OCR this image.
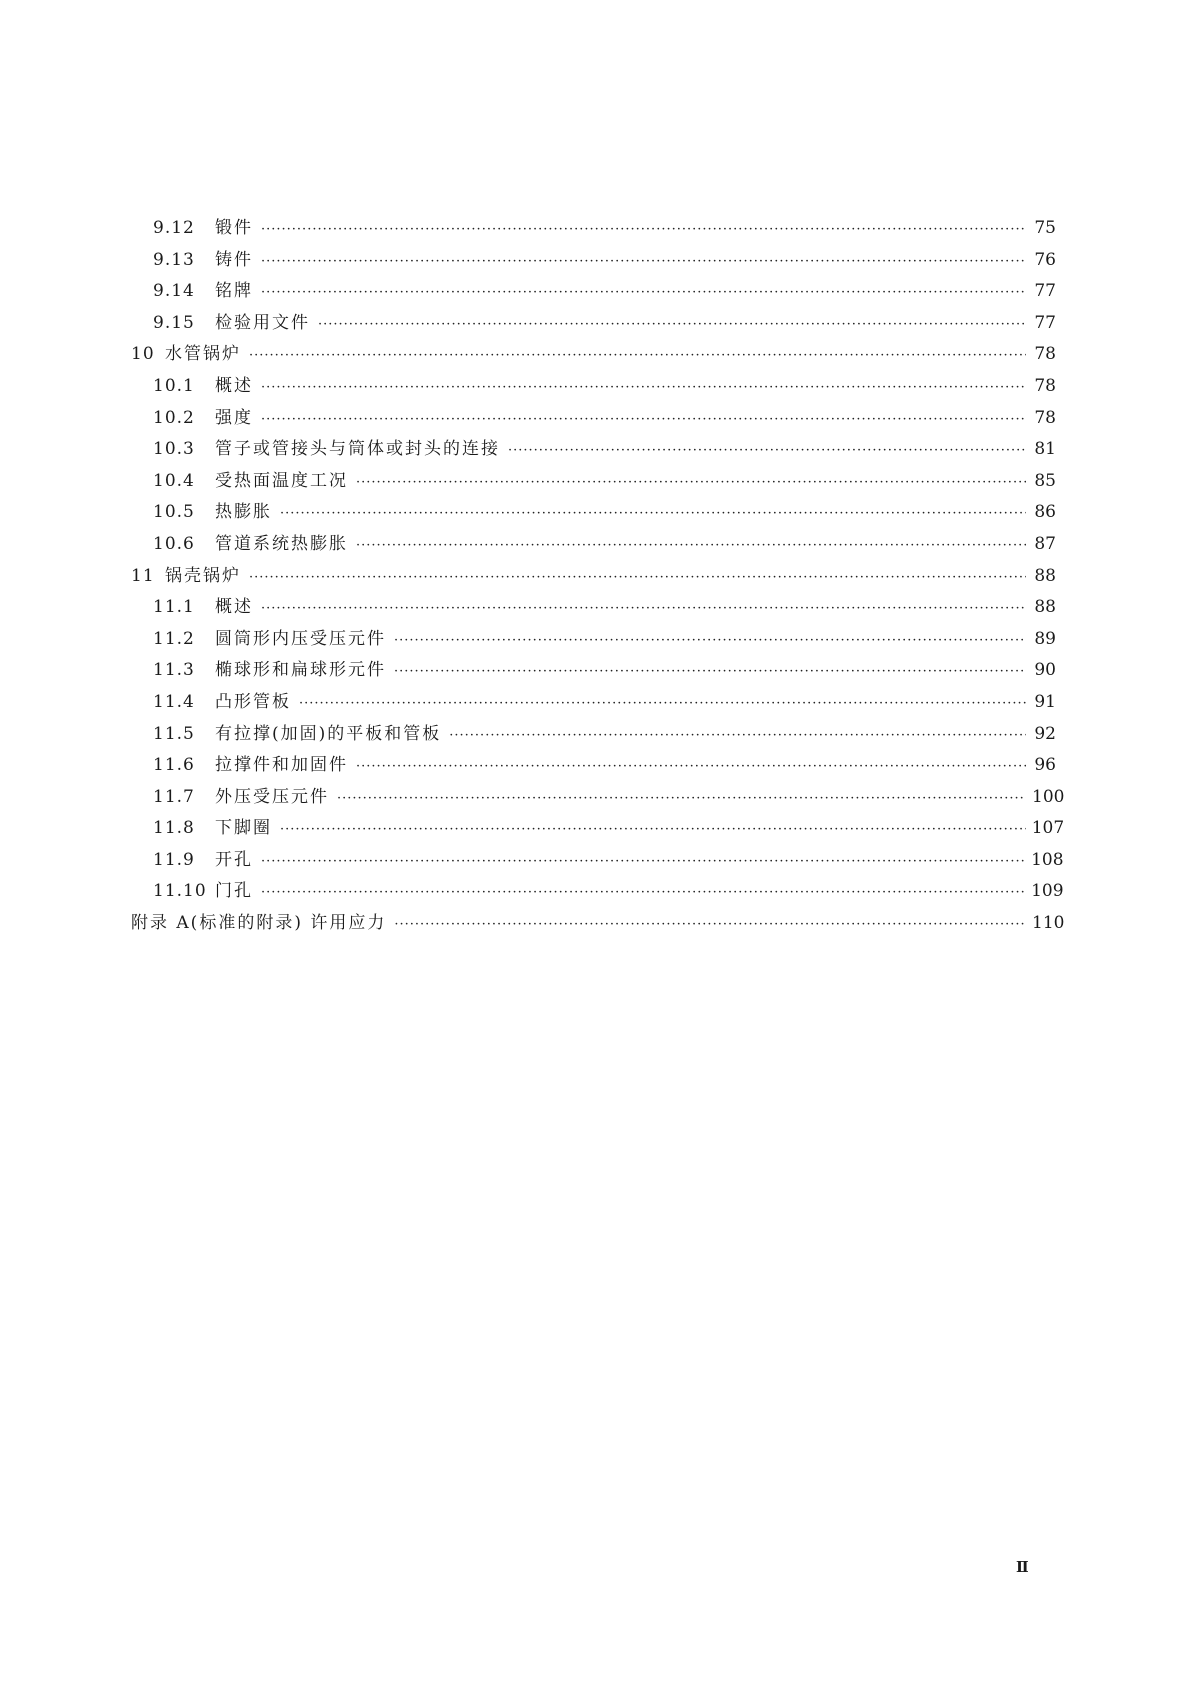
9.12	锻件 ·····	75
9.13	铸件 ·····	76
9.14	铭牌 ·····	77
9.15	检验用文件 ·····	77
10 水管锅炉 ·····	78
10.1	概述 ·····	78
10.2	强度 ·····	78
10.3	管子或管接头与筒体或封头的连接 ·····	81
10.4	受热面温度工况 ·····	85
10.5	热膨胀 ·····	86
10.6	管道系统热膨胀 ·····	87
11 锅壳锅炉 ·····	88
11.1	概述 ·····	88
11.2	圆筒形内压受压元件 ·····	89
11.3	椭球形和扁球形元件 ·····	90
11.4	凸形管板 ·····	91
11.5	有拉撑(加固)的平板和管板 ·····	92
11.6	拉撑件和加固件 ·····	96
11.7	外压受压元件 ·····	100
11.8	下脚圈 ·····	107
11.9	开孔 ·····	108
11.10 门孔 ·····	109
附录 A(标准的附录) 许用应力 ·····	110
Ⅱ
